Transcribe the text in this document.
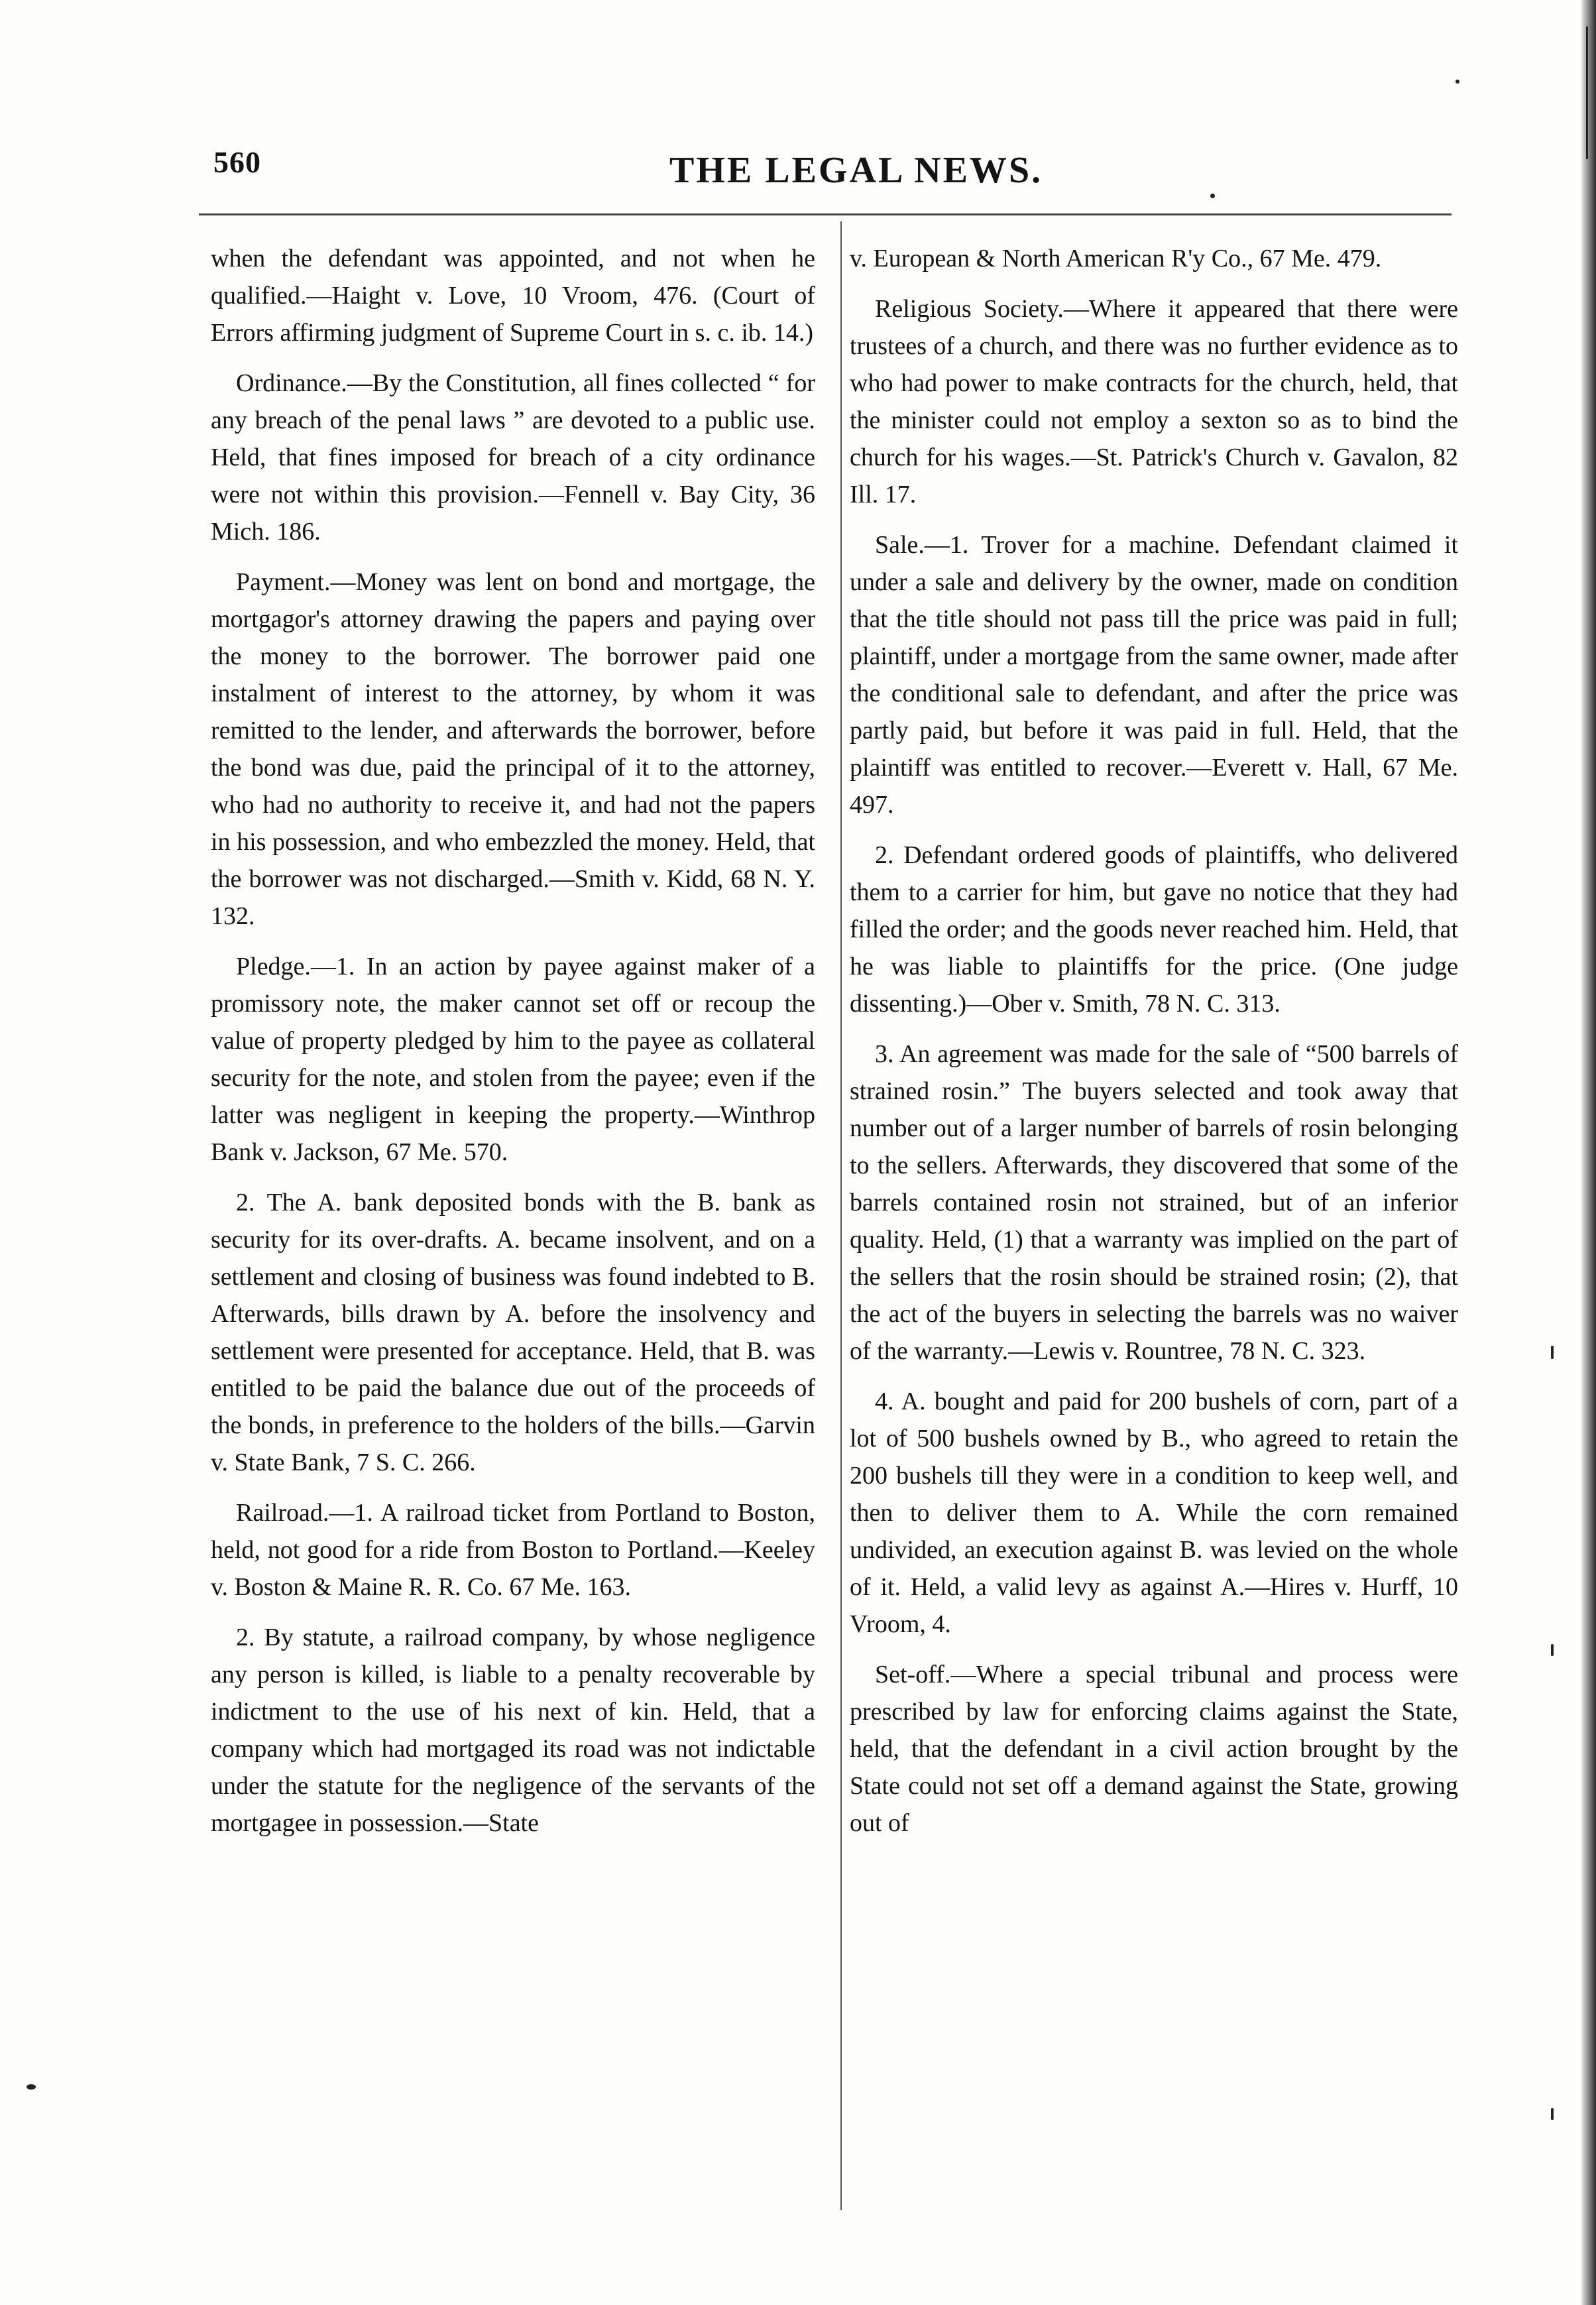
560	THE LEGAL NEWS.

when the defendant was appointed, and not when he qualified.—Haight v. Love, 10 Vroom, 476. (Court of Errors affirming judgment of Supreme Court in s. c. ib. 14.)

Ordinance.—By the Constitution, all fines collected “ for any breach of the penal laws ” are devoted to a public use. Held, that fines imposed for breach of a city ordinance were not within this provision.—Fennell v. Bay City, 36 Mich. 186.

Payment.—Money was lent on bond and mortgage, the mortgagor's attorney drawing the papers and paying over the money to the borrower. The borrower paid one instalment of interest to the attorney, by whom it was remitted to the lender, and afterwards the borrower, before the bond was due, paid the principal of it to the attorney, who had no authority to receive it, and had not the papers in his possession, and who embezzled the money. Held, that the borrower was not discharged.—Smith v. Kidd, 68 N. Y. 132.

Pledge.—1. In an action by payee against maker of a promissory note, the maker cannot set off or recoup the value of property pledged by him to the payee as collateral security for the note, and stolen from the payee; even if the latter was negligent in keeping the property.—Winthrop Bank v. Jackson, 67 Me. 570.

2. The A. bank deposited bonds with the B. bank as security for its over-drafts. A. became insolvent, and on a settlement and closing of business was found indebted to B. Afterwards, bills drawn by A. before the insolvency and settlement were presented for acceptance. Held, that B. was entitled to be paid the balance due out of the proceeds of the bonds, in preference to the holders of the bills.—Garvin v. State Bank, 7 S. C. 266.

Railroad.—1. A railroad ticket from Portland to Boston, held, not good for a ride from Boston to Portland.—Keeley v. Boston & Maine R. R. Co. 67 Me. 163.

2. By statute, a railroad company, by whose negligence any person is killed, is liable to a penalty recoverable by indictment to the use of his next of kin. Held, that a company which had mortgaged its road was not indictable under the statute for the negligence of the servants of the mortgagee in possession.—State

v. European & North American R'y Co., 67 Me. 479.

Religious Society.—Where it appeared that there were trustees of a church, and there was no further evidence as to who had power to make contracts for the church, held, that the minister could not employ a sexton so as to bind the church for his wages.—St. Patrick's Church v. Gavalon, 82 Ill. 17.

Sale.—1. Trover for a machine. Defendant claimed it under a sale and delivery by the owner, made on condition that the title should not pass till the price was paid in full; plaintiff, under a mortgage from the same owner, made after the conditional sale to defendant, and after the price was partly paid, but before it was paid in full. Held, that the plaintiff was entitled to recover.—Everett v. Hall, 67 Me. 497.

2. Defendant ordered goods of plaintiffs, who delivered them to a carrier for him, but gave no notice that they had filled the order; and the goods never reached him. Held, that he was liable to plaintiffs for the price. (One judge dissenting.)—Ober v. Smith, 78 N. C. 313.

3. An agreement was made for the sale of “500 barrels of strained rosin.” The buyers selected and took away that number out of a larger number of barrels of rosin belonging to the sellers. Afterwards, they discovered that some of the barrels contained rosin not strained, but of an inferior quality. Held, (1) that a warranty was implied on the part of the sellers that the rosin should be strained rosin; (2), that the act of the buyers in selecting the barrels was no waiver of the warranty.—Lewis v. Rountree, 78 N. C. 323.

4. A. bought and paid for 200 bushels of corn, part of a lot of 500 bushels owned by B., who agreed to retain the 200 bushels till they were in a condition to keep well, and then to deliver them to A. While the corn remained undivided, an execution against B. was levied on the whole of it. Held, a valid levy as against A.—Hires v. Hurff, 10 Vroom, 4.

Set-off.—Where a special tribunal and process were prescribed by law for enforcing claims against the State, held, that the defendant in a civil action brought by the State could not set off a demand against the State, growing out of
